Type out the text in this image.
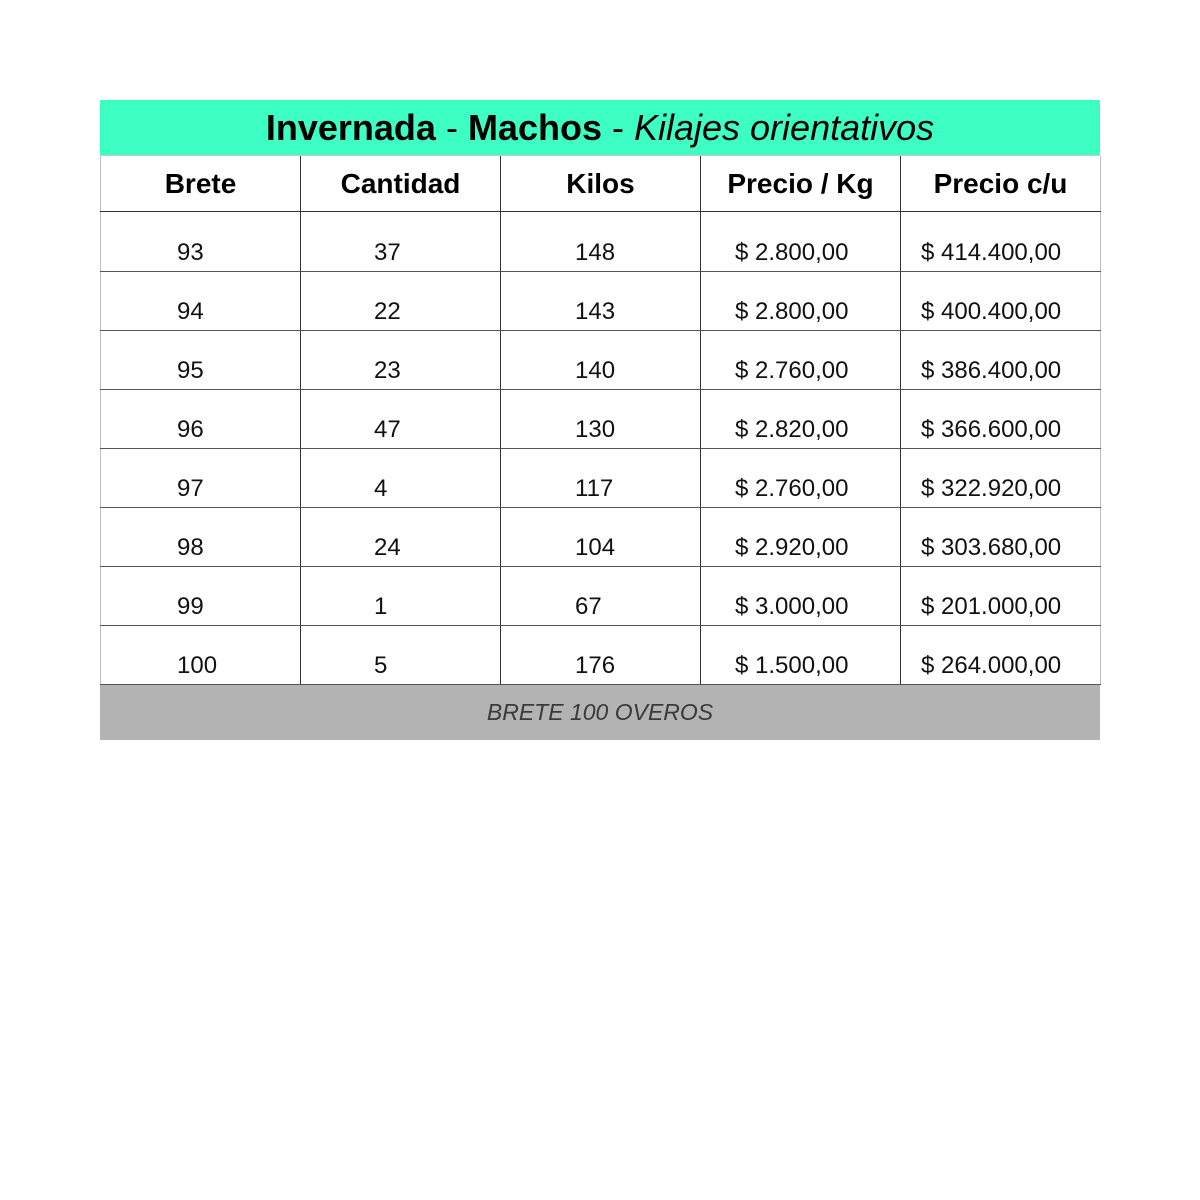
Invernada - Machos - Kilajes orientativos
Brete	Cantidad	Kilos	Precio / Kg	Precio c/u
93	37	148	$ 2.800,00	$ 414.400,00
94	22	143	$ 2.800,00	$ 400.400,00
95	23	140	$ 2.760,00	$ 386.400,00
96	47	130	$ 2.820,00	$ 366.600,00
97	4	117	$ 2.760,00	$ 322.920,00
98	24	104	$ 2.920,00	$ 303.680,00
99	1	67	$ 3.000,00	$ 201.000,00
100	5	176	$ 1.500,00	$ 264.000,00
BRETE 100 OVEROS
